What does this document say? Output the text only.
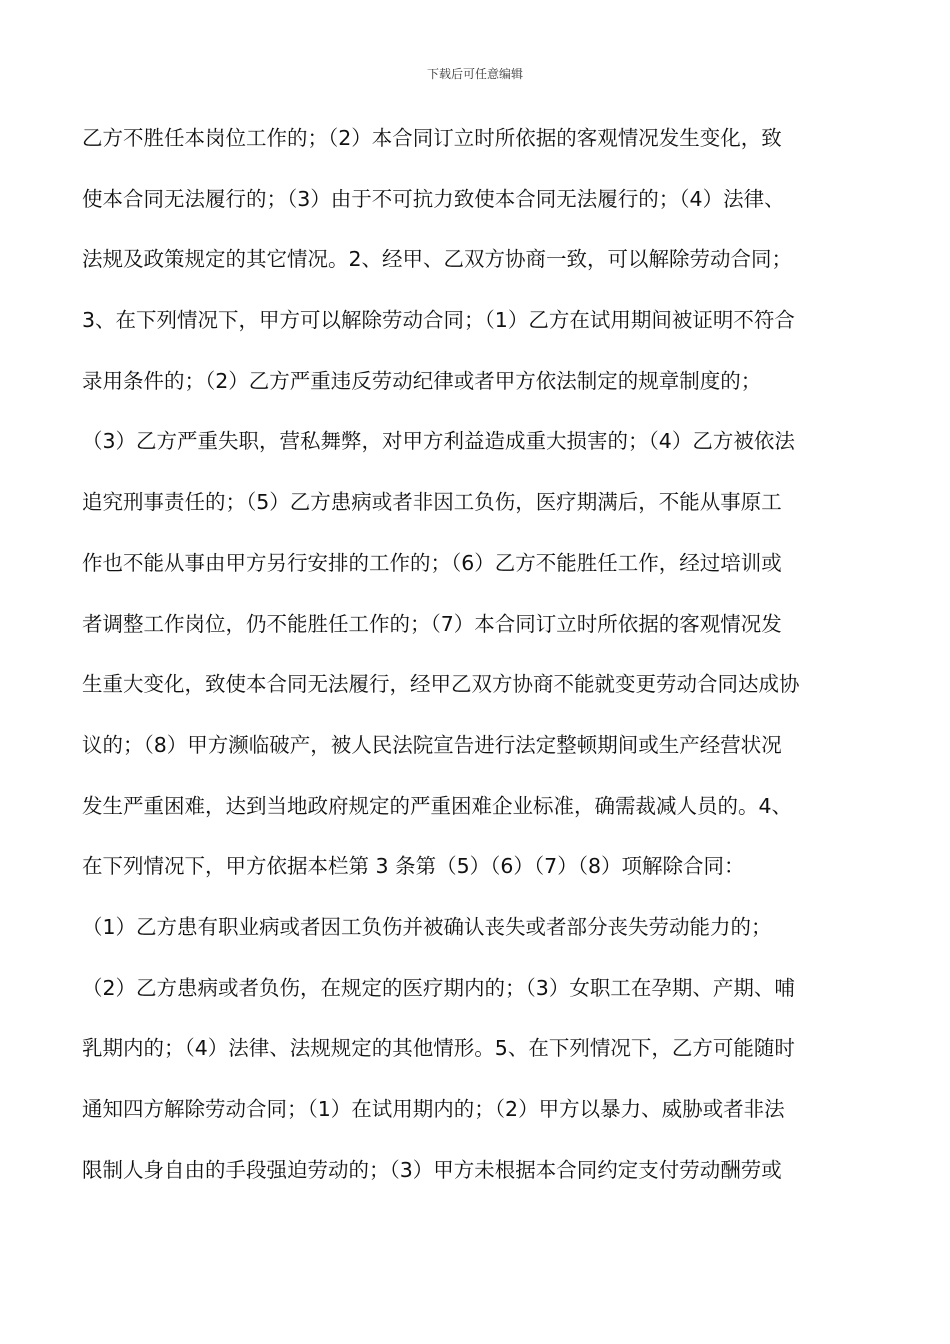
下载后可任意编辑
乙方不胜任本岗位工作的；（2）本合同订立时所依据的客观情况发生变化，致
使本合同无法履行的；（3）由于不可抗力致使本合同无法履行的；（4）法律、
法规及政策规定的其它情况。2、经甲、乙双方协商一致，可以解除劳动合同；
3、在下列情况下，甲方可以解除劳动合同；（1）乙方在试用期间被证明不符合
录用条件的；（2）乙方严重违反劳动纪律或者甲方依法制定的规章制度的；
（3）乙方严重失职，营私舞弊，对甲方利益造成重大损害的；（4）乙方被依法
追究刑事责任的；（5）乙方患病或者非因工负伤，医疗期满后，不能从事原工
作也不能从事由甲方另行安排的工作的；（6）乙方不能胜任工作，经过培训或
者调整工作岗位，仍不能胜任工作的；（7）本合同订立时所依据的客观情况发
生重大变化，致使本合同无法履行，经甲乙双方协商不能就变更劳动合同达成协
议的；（8）甲方濒临破产，被人民法院宣告进行法定整顿期间或生产经营状况
发生严重困难，达到当地政府规定的严重困难企业标准，确需裁减人员的。4、
在下列情况下，甲方依据本栏第 3 条第（5）（6）（7）（8）项解除合同：
（1）乙方患有职业病或者因工负伤并被确认丧失或者部分丧失劳动能力的；
（2）乙方患病或者负伤，在规定的医疗期内的；（3）女职工在孕期、产期、哺
乳期内的；（4）法律、法规规定的其他情形。5、在下列情况下，乙方可能随时
通知四方解除劳动合同；（1）在试用期内的；（2）甲方以暴力、威胁或者非法
限制人身自由的手段强迫劳动的；（3）甲方未根据本合同约定支付劳动酬劳或
